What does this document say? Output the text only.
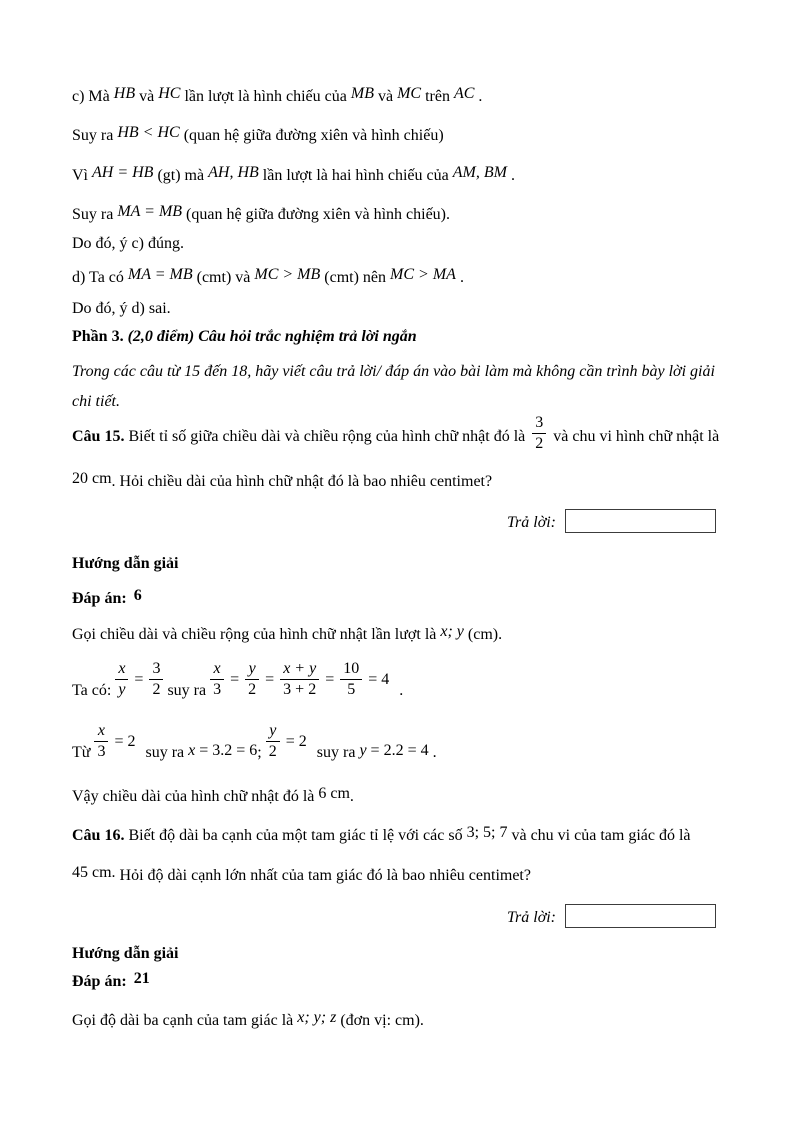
c) Mà HB và HC lần lượt là hình chiếu của MB và MC trên AC .
Suy ra HB < HC (quan hệ giữa đường xiên và hình chiếu)
Vì AH = HB (gt) mà AH, HB lần lượt là hai hình chiếu của AM, BM .
Suy ra MA = MB (quan hệ giữa đường xiên và hình chiếu).
Do đó, ý c) đúng.
d) Ta có MA = MB (cmt) và MC > MB (cmt) nên MC > MA .
Do đó, ý d) sai.
Phần 3. (2,0 điểm) Câu hỏi trắc nghiệm trả lời ngắn
Trong các câu từ 15 đến 18, hãy viết câu trả lời/ đáp án vào bài làm mà không cần trình bày lời giải chi tiết.
Câu 15. Biết tỉ số giữa chiều dài và chiều rộng của hình chữ nhật đó là $\frac{3}{2}$ và chu vi hình chữ nhật là
20 cm. Hỏi chiều dài của hình chữ nhật đó là bao nhiêu centimet?
Trả lời:
Hướng dẫn giải
Đáp án: 6
Gọi chiều dài và chiều rộng của hình chữ nhật lần lượt là x; y (cm).
Ta có: $\frac{x}{y} = \frac{3}{2}$ suy ra $\frac{x}{3} = \frac{y}{2} = \frac{x + y}{3 + 2} = \frac{10}{5} = 4$
.
Từ $\frac{x}{3} = 2$
suy ra x = 3.2 = 6 ; $\frac{y}{2} = 2$
suy ra y = 2.2 = 4 .
Vậy chiều dài của hình chữ nhật đó là 6 cm.
Câu 16. Biết độ dài ba cạnh của một tam giác tỉ lệ với các số 3; 5; 7 và chu vi của tam giác đó là
45 cm. Hỏi độ dài cạnh lớn nhất của tam giác đó là bao nhiêu centimet?
Trả lời:
Hướng dẫn giải
Đáp án: 21
Gọi độ dài ba cạnh của tam giác là x; y; z (đơn vị: cm).
